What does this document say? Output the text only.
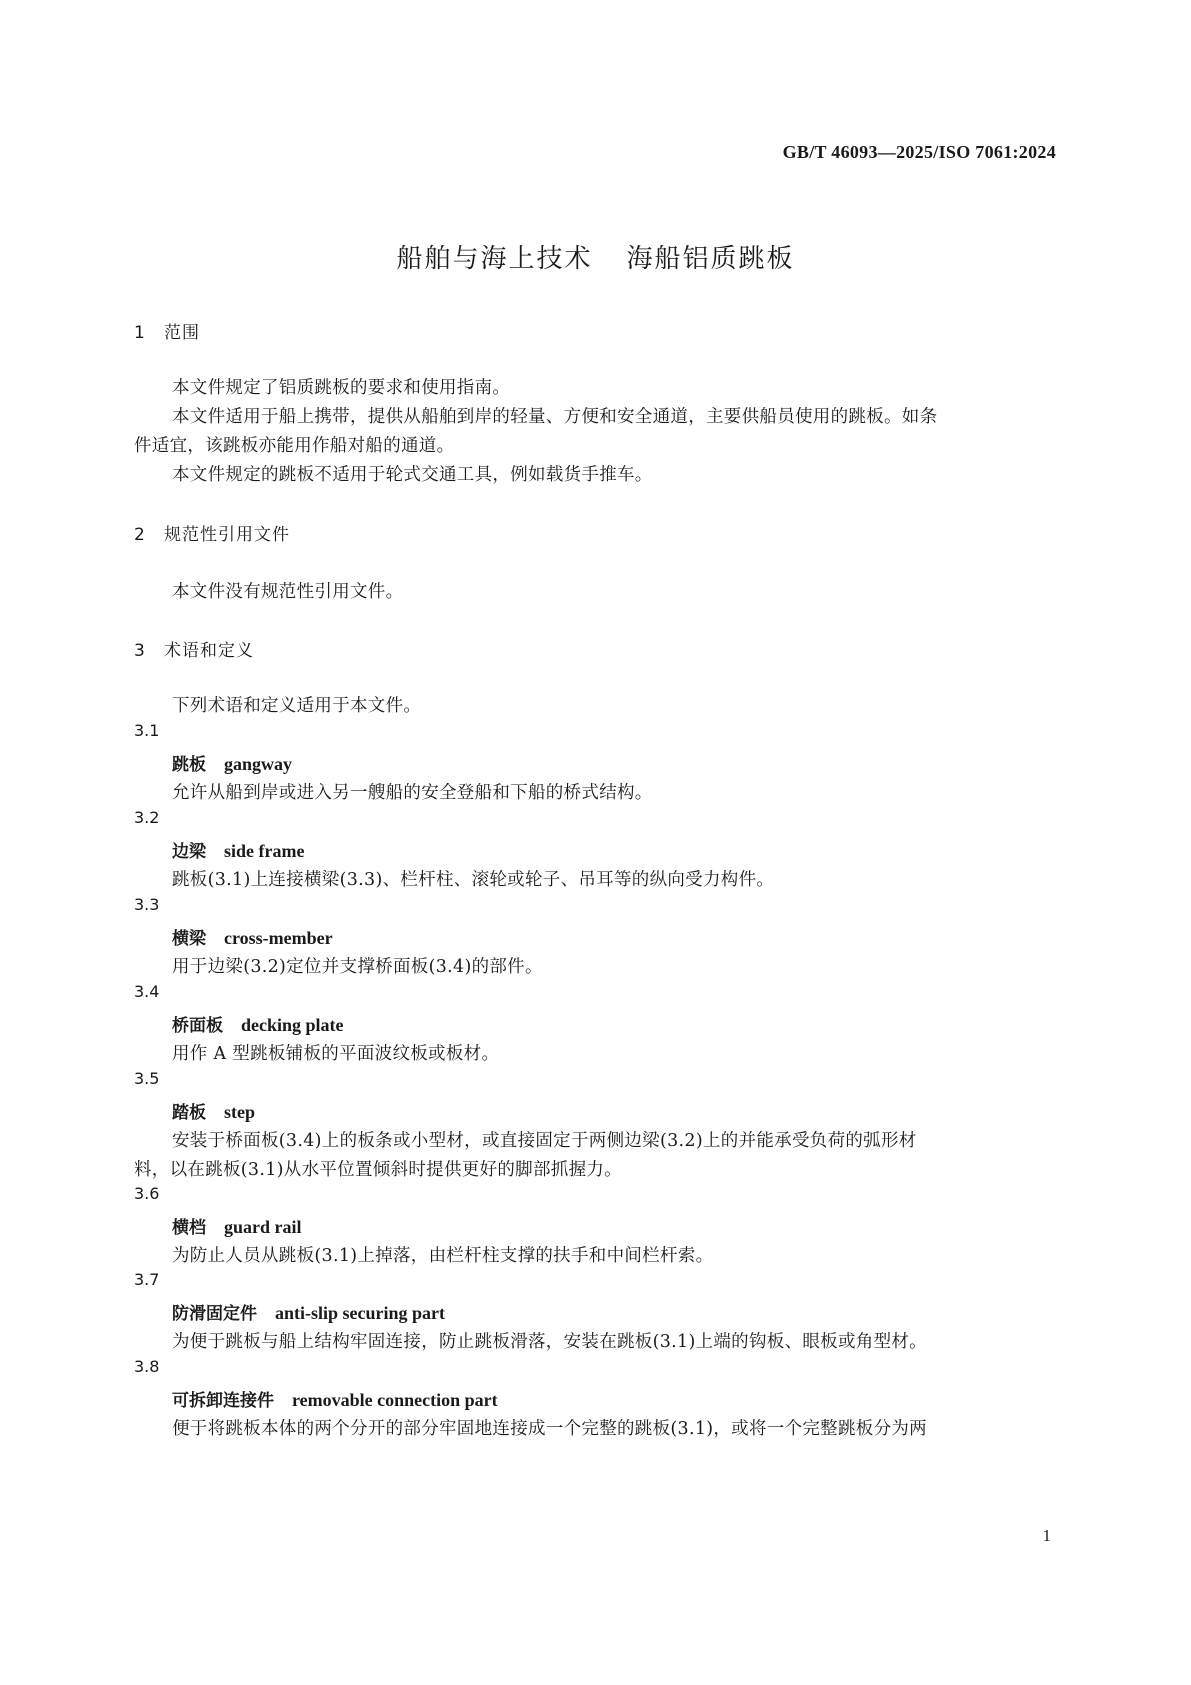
GB/T 46093—2025/ISO 7061:2024
船舶与海上技术 海船铝质跳板
1 范围
本文件规定了铝质跳板的要求和使用指南。
本文件适用于船上携带，提供从船舶到岸的轻量、方便和安全通道，主要供船员使用的跳板。如条
件适宜，该跳板亦能用作船对船的通道。
本文件规定的跳板不适用于轮式交通工具，例如载货手推车。
2 规范性引用文件
本文件没有规范性引用文件。
3 术语和定义
下列术语和定义适用于本文件。
3.1
跳板 gangway
允许从船到岸或进入另一艘船的安全登船和下船的桥式结构。
3.2
边梁 side frame
跳板(3.1)上连接横梁(3.3)、栏杆柱、滚轮或轮子、吊耳等的纵向受力构件。
3.3
横梁 cross-member
用于边梁(3.2)定位并支撑桥面板(3.4)的部件。
3.4
桥面板 decking plate
用作 A 型跳板铺板的平面波纹板或板材。
3.5
踏板 step
安装于桥面板(3.4)上的板条或小型材，或直接固定于两侧边梁(3.2)上的并能承受负荷的弧形材
料，以在跳板(3.1)从水平位置倾斜时提供更好的脚部抓握力。
3.6
横档 guard rail
为防止人员从跳板(3.1)上掉落，由栏杆柱支撑的扶手和中间栏杆索。
3.7
防滑固定件 anti-slip securing part
为便于跳板与船上结构牢固连接，防止跳板滑落，安装在跳板(3.1)上端的钩板、眼板或角型材。
3.8
可拆卸连接件 removable connection part
便于将跳板本体的两个分开的部分牢固地连接成一个完整的跳板(3.1)，或将一个完整跳板分为两
1
